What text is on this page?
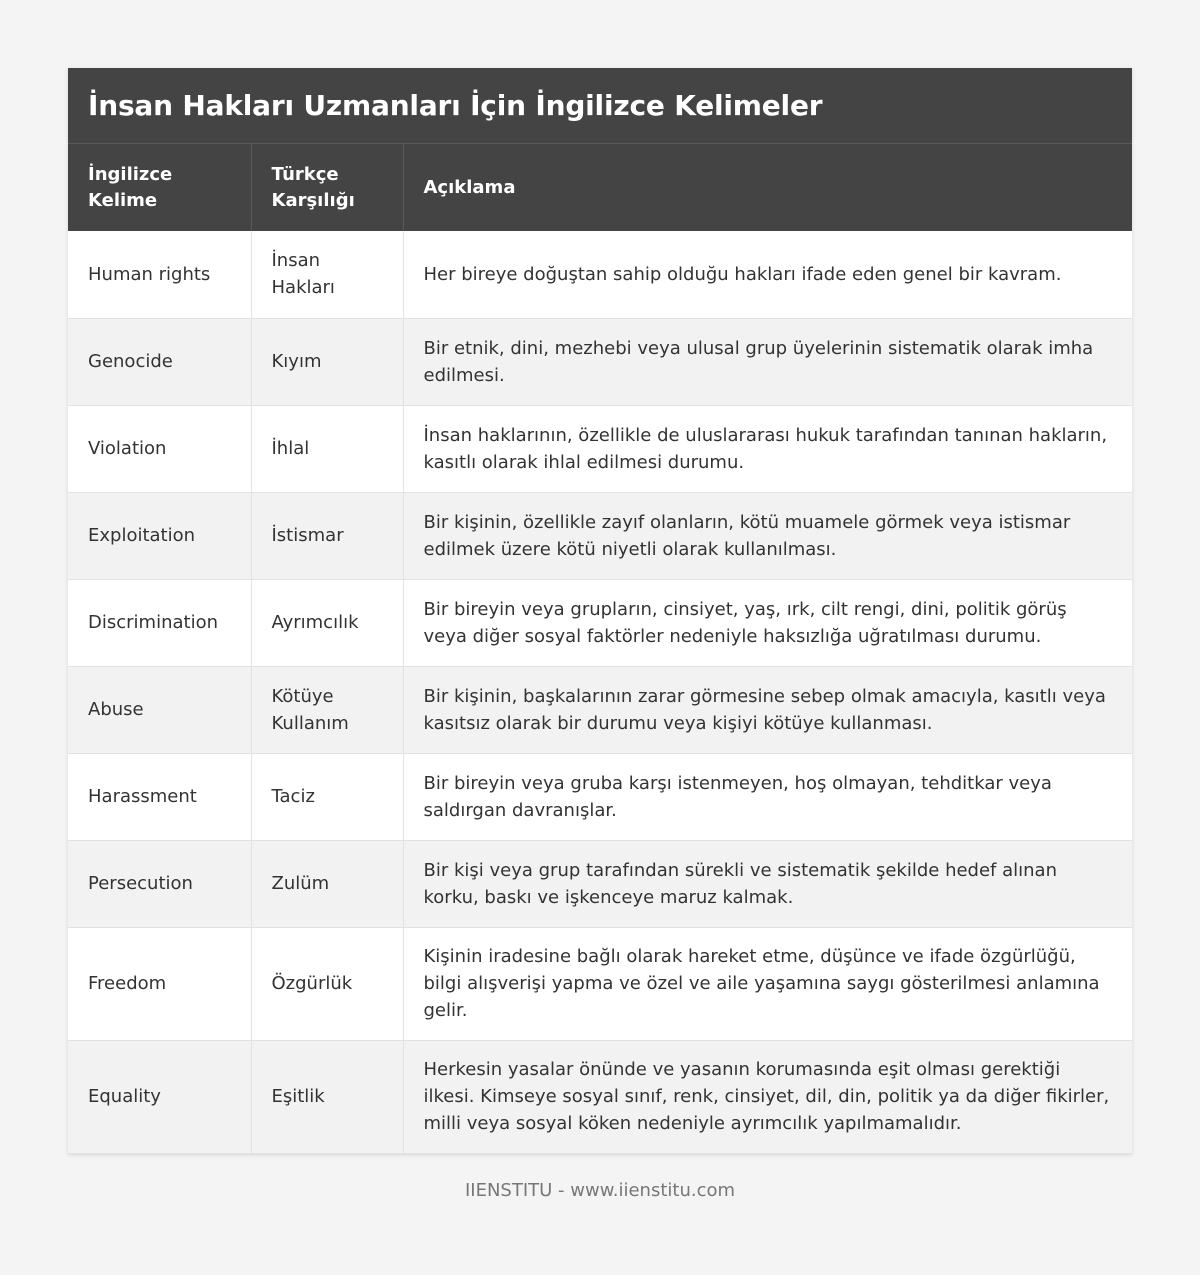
İnsan Hakları Uzmanları İçin İngilizce Kelimeler
İngilizce Kelime	Türkçe Karşılığı	Açıklama
Human rights	İnsan Hakları	Her bireye doğuştan sahip olduğu hakları ifade eden genel bir kavram.
Genocide	Kıyım	Bir etnik, dini, mezhebi veya ulusal grup üyelerinin sistematik olarak imha edilmesi.
Violation	İhlal	İnsan haklarının, özellikle de uluslararası hukuk tarafından tanınan hakların, kasıtlı olarak ihlal edilmesi durumu.
Exploitation	İstismar	Bir kişinin, özellikle zayıf olanların, kötü muamele görmek veya istismar edilmek üzere kötü niyetli olarak kullanılması.
Discrimination	Ayrımcılık	Bir bireyin veya grupların, cinsiyet, yaş, ırk, cilt rengi, dini, politik görüş veya diğer sosyal faktörler nedeniyle haksızlığa uğratılması durumu.
Abuse	Kötüye Kullanım	Bir kişinin, başkalarının zarar görmesine sebep olmak amacıyla, kasıtlı veya kasıtsız olarak bir durumu veya kişiyi kötüye kullanması.
Harassment	Taciz	Bir bireyin veya gruba karşı istenmeyen, hoş olmayan, tehditkar veya saldırgan davranışlar.
Persecution	Zulüm	Bir kişi veya grup tarafından sürekli ve sistematik şekilde hedef alınan korku, baskı ve işkenceye maruz kalmak.
Freedom	Özgürlük	Kişinin iradesine bağlı olarak hareket etme, düşünce ve ifade özgürlüğü, bilgi alışverişi yapma ve özel ve aile yaşamına saygı gösterilmesi anlamına gelir.
Equality	Eşitlik	Herkesin yasalar önünde ve yasanın korumasında eşit olması gerektiği ilkesi. Kimseye sosyal sınıf, renk, cinsiyet, dil, din, politik ya da diğer fikirler, milli veya sosyal köken nedeniyle ayrımcılık yapılmamalıdır.
IIENSTITU - www.iienstitu.com
